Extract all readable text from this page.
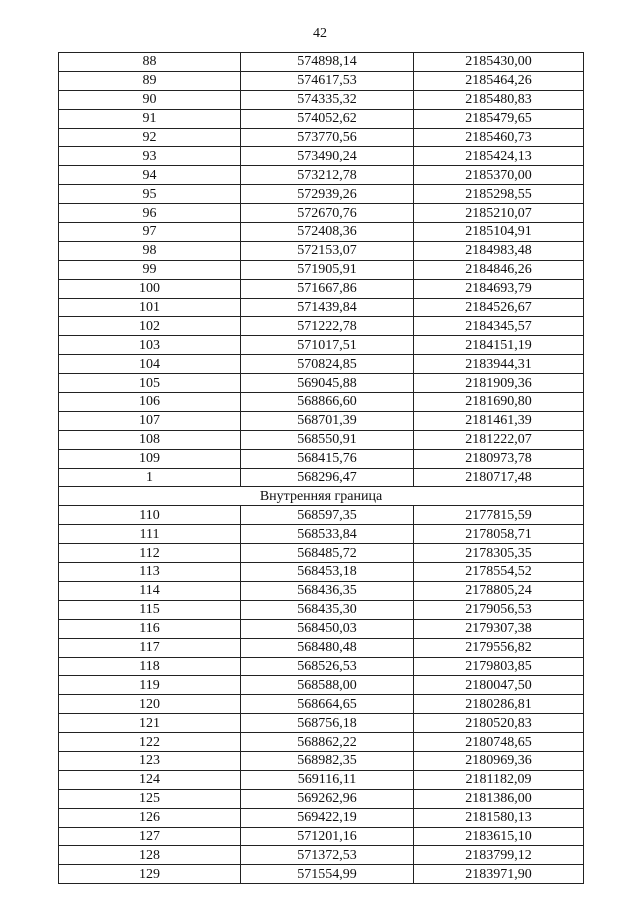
42
88	574898,14	2185430,00
89	574617,53	2185464,26
90	574335,32	2185480,83
91	574052,62	2185479,65
92	573770,56	2185460,73
93	573490,24	2185424,13
94	573212,78	2185370,00
95	572939,26	2185298,55
96	572670,76	2185210,07
97	572408,36	2185104,91
98	572153,07	2184983,48
99	571905,91	2184846,26
100	571667,86	2184693,79
101	571439,84	2184526,67
102	571222,78	2184345,57
103	571017,51	2184151,19
104	570824,85	2183944,31
105	569045,88	2181909,36
106	568866,60	2181690,80
107	568701,39	2181461,39
108	568550,91	2181222,07
109	568415,76	2180973,78
1	568296,47	2180717,48
Внутренняя граница		
110	568597,35	2177815,59
111	568533,84	2178058,71
112	568485,72	2178305,35
113	568453,18	2178554,52
114	568436,35	2178805,24
115	568435,30	2179056,53
116	568450,03	2179307,38
117	568480,48	2179556,82
118	568526,53	2179803,85
119	568588,00	2180047,50
120	568664,65	2180286,81
121	568756,18	2180520,83
122	568862,22	2180748,65
123	568982,35	2180969,36
124	569116,11	2181182,09
125	569262,96	2181386,00
126	569422,19	2181580,13
127	571201,16	2183615,10
128	571372,53	2183799,12
129	571554,99	2183971,90
